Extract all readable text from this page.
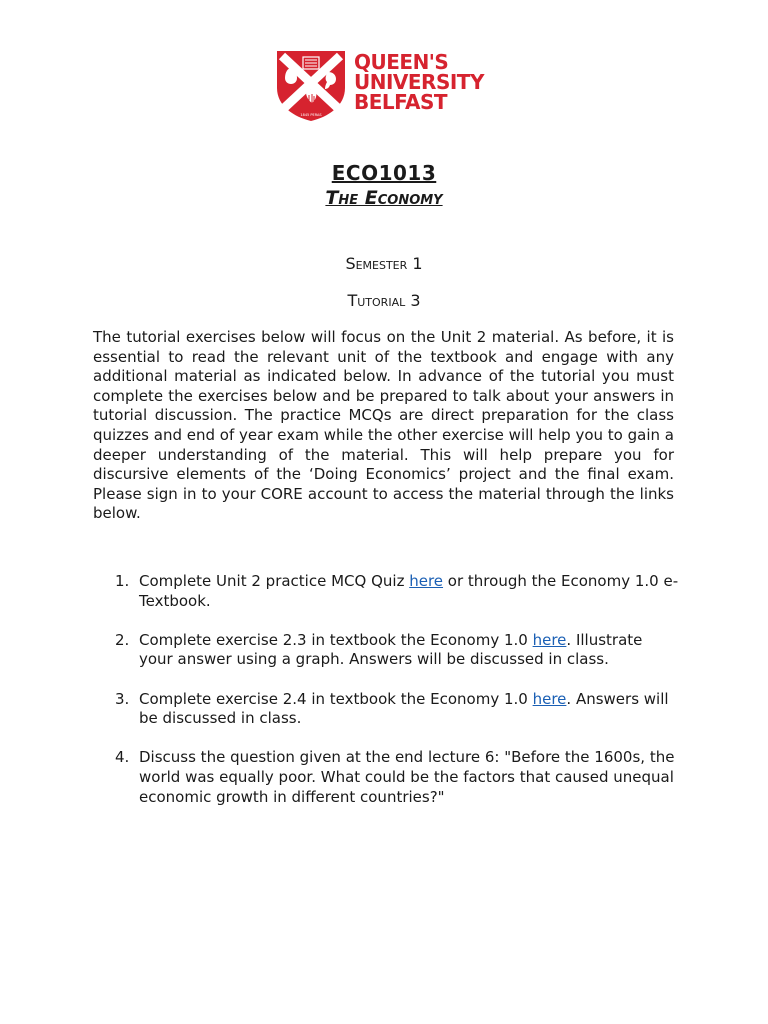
1845 PERAS
QUEEN'S
UNIVERSITY
BELFAST
ECO1013
The Economy
Semester 1
Tutorial 3

The tutorial exercises below will focus on the Unit 2 material. As before, it is essential to read the relevant unit of the textbook and engage with any additional material as indicated below. In advance of the tutorial you must complete the exercises below and be prepared to talk about your answers in tutorial discussion. The practice MCQs are direct preparation for the class quizzes and end of year exam while the other exercise will help you to gain a deeper understanding of the material. This will help prepare you for discursive elements of the ‘Doing Economics’ project and the final exam. Please sign in to your CORE account to access the material through the links below.

1. Complete Unit 2 practice MCQ Quiz here or through the Economy 1.0 e-Textbook.
2. Complete exercise 2.3 in textbook the Economy 1.0 here. Illustrate your answer using a graph. Answers will be discussed in class.
3. Complete exercise 2.4 in textbook the Economy 1.0 here. Answers will be discussed in class.
4. Discuss the question given at the end lecture 6: "Before the 1600s, the world was equally poor. What could be the factors that caused unequal economic growth in different countries?"
